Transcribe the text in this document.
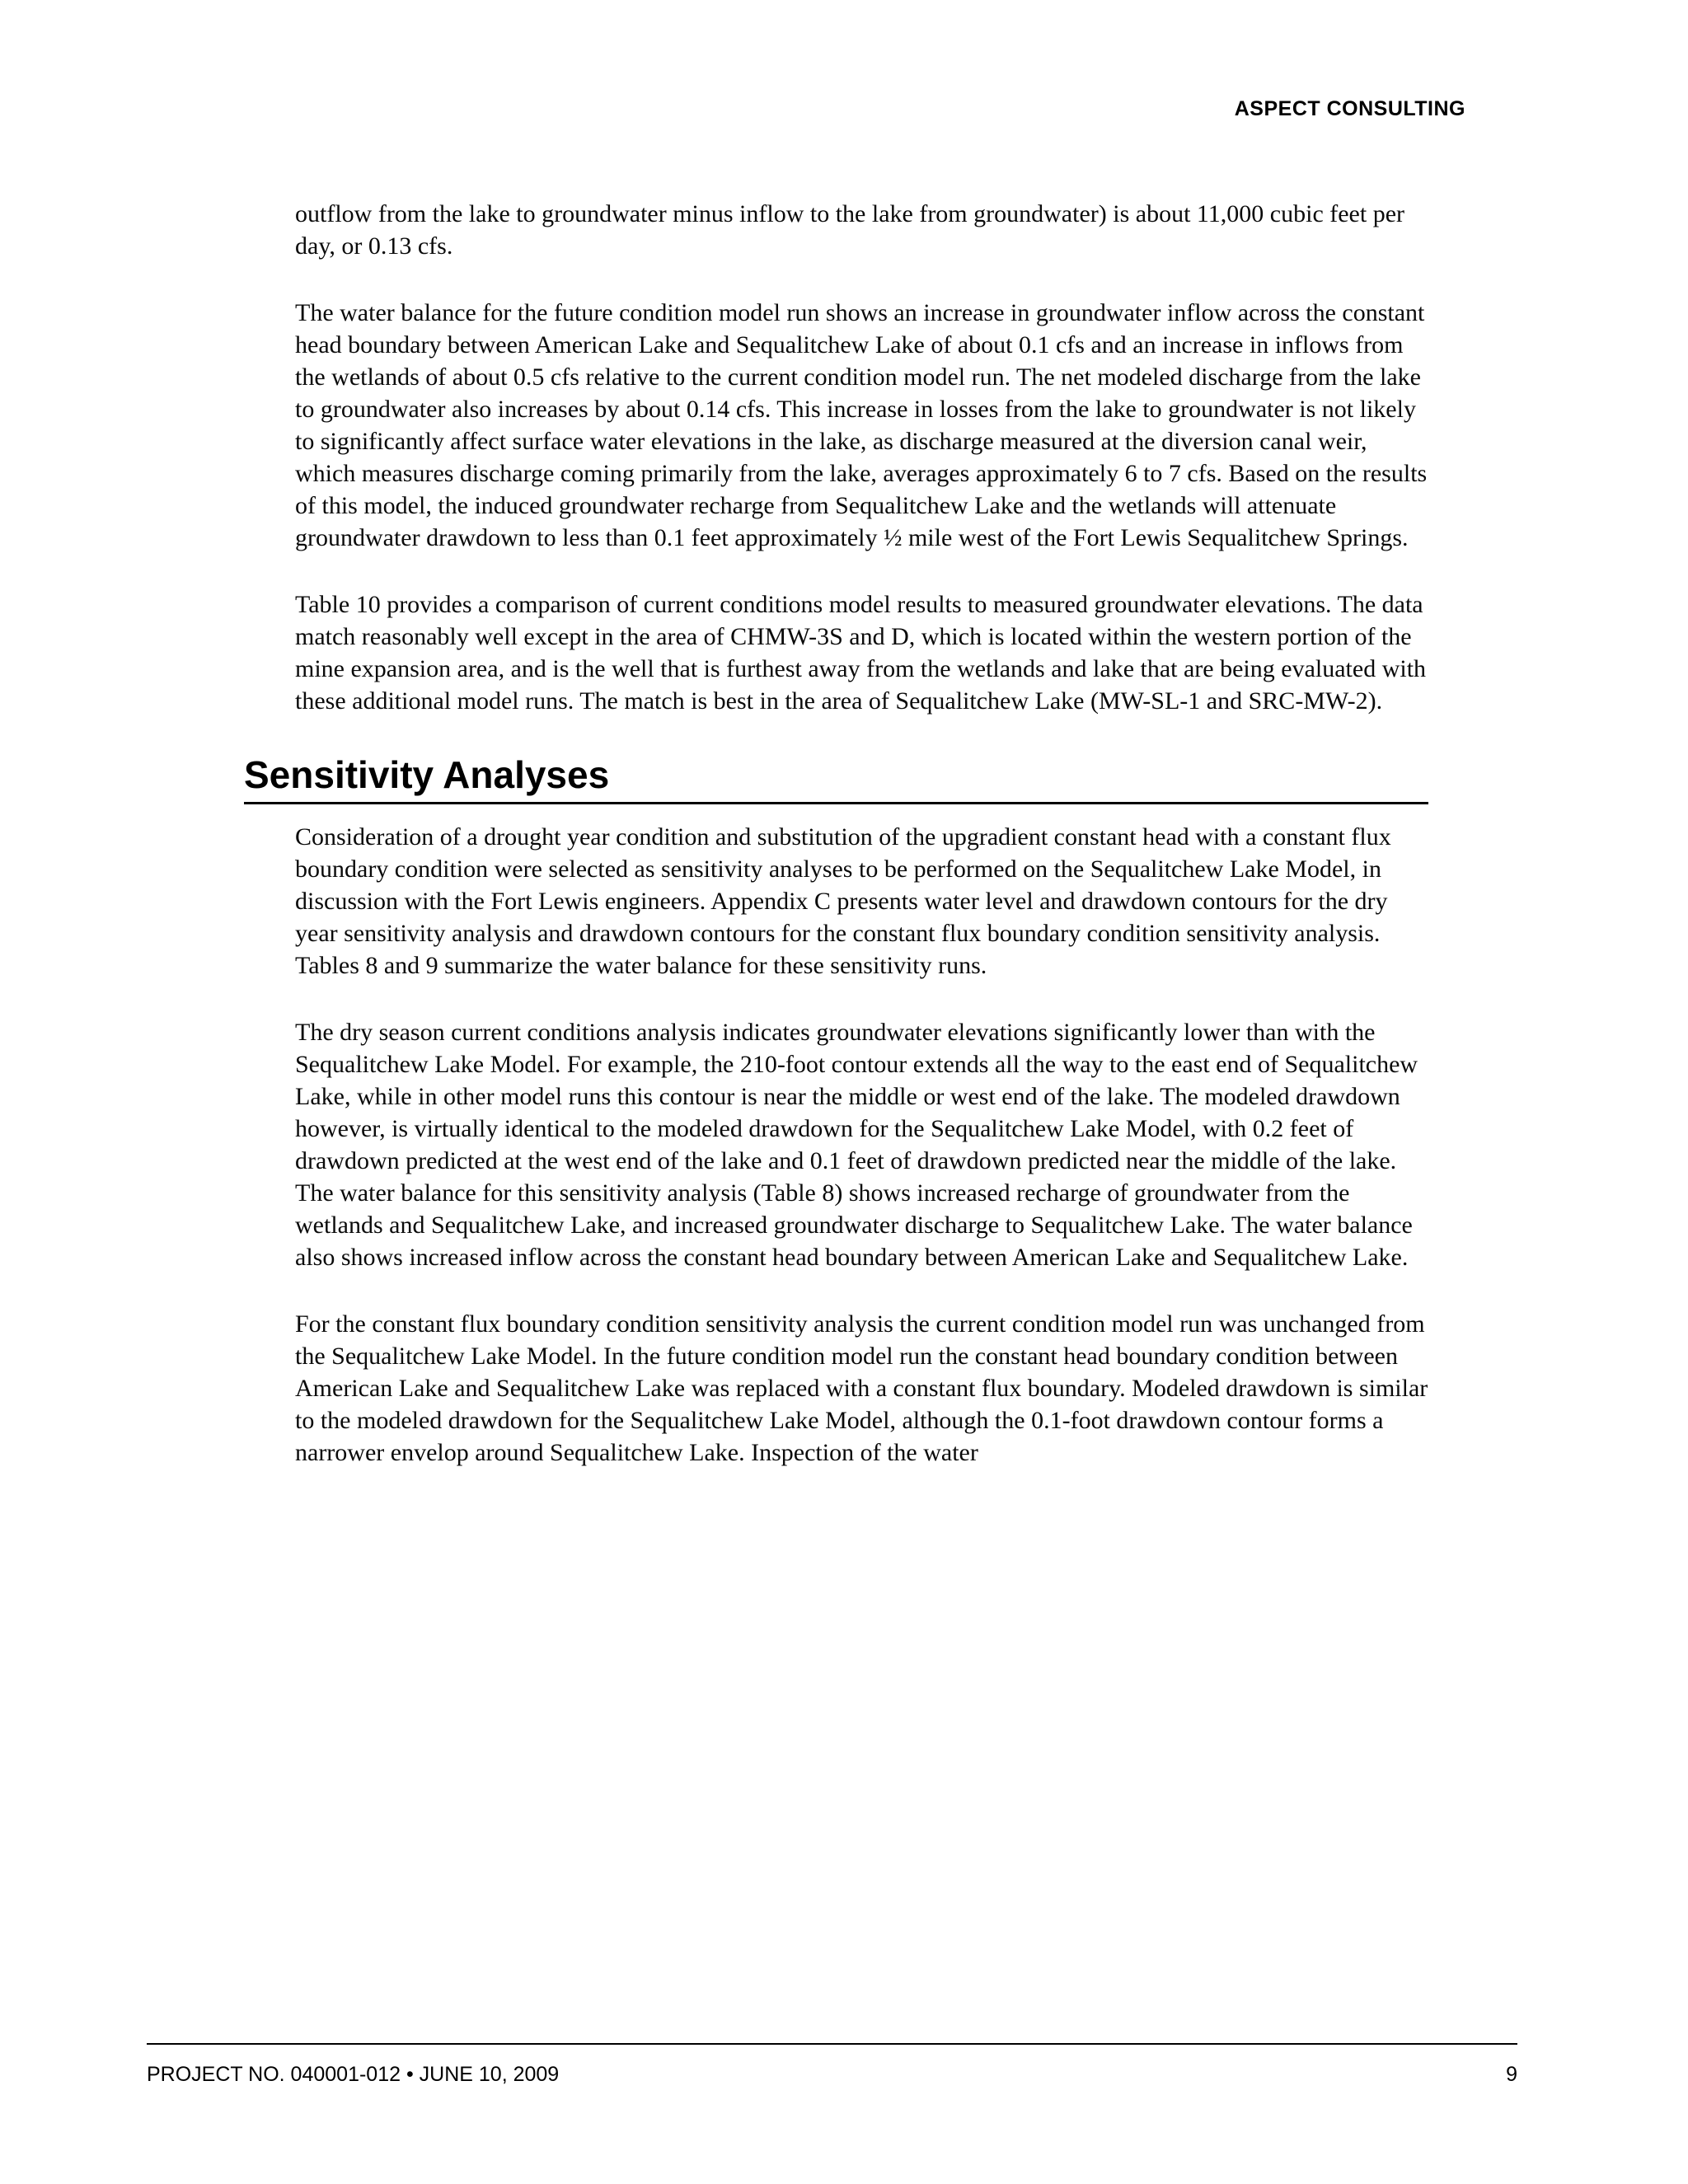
ASPECT CONSULTING

outflow from the lake to groundwater minus inflow to the lake from groundwater) is about 11,000 cubic feet per day, or 0.13 cfs.

The water balance for the future condition model run shows an increase in groundwater inflow across the constant head boundary between American Lake and Sequalitchew Lake of about 0.1 cfs and an increase in inflows from the wetlands of about 0.5 cfs relative to the current condition model run. The net modeled discharge from the lake to groundwater also increases by about 0.14 cfs. This increase in losses from the lake to groundwater is not likely to significantly affect surface water elevations in the lake, as discharge measured at the diversion canal weir, which measures discharge coming primarily from the lake, averages approximately 6 to 7 cfs. Based on the results of this model, the induced groundwater recharge from Sequalitchew Lake and the wetlands will attenuate groundwater drawdown to less than 0.1 feet approximately ½ mile west of the Fort Lewis Sequalitchew Springs.

Table 10 provides a comparison of current conditions model results to measured groundwater elevations. The data match reasonably well except in the area of CHMW-3S and D, which is located within the western portion of the mine expansion area, and is the well that is furthest away from the wetlands and lake that are being evaluated with these additional model runs. The match is best in the area of Sequalitchew Lake (MW-SL-1 and SRC-MW-2).

Sensitivity Analyses

Consideration of a drought year condition and substitution of the upgradient constant head with a constant flux boundary condition were selected as sensitivity analyses to be performed on the Sequalitchew Lake Model, in discussion with the Fort Lewis engineers. Appendix C presents water level and drawdown contours for the dry year sensitivity analysis and drawdown contours for the constant flux boundary condition sensitivity analysis. Tables 8 and 9 summarize the water balance for these sensitivity runs.

The dry season current conditions analysis indicates groundwater elevations significantly lower than with the Sequalitchew Lake Model. For example, the 210-foot contour extends all the way to the east end of Sequalitchew Lake, while in other model runs this contour is near the middle or west end of the lake. The modeled drawdown however, is virtually identical to the modeled drawdown for the Sequalitchew Lake Model, with 0.2 feet of drawdown predicted at the west end of the lake and 0.1 feet of drawdown predicted near the middle of the lake. The water balance for this sensitivity analysis (Table 8) shows increased recharge of groundwater from the wetlands and Sequalitchew Lake, and increased groundwater discharge to Sequalitchew Lake. The water balance also shows increased inflow across the constant head boundary between American Lake and Sequalitchew Lake.

For the constant flux boundary condition sensitivity analysis the current condition model run was unchanged from the Sequalitchew Lake Model. In the future condition model run the constant head boundary condition between American Lake and Sequalitchew Lake was replaced with a constant flux boundary. Modeled drawdown is similar to the modeled drawdown for the Sequalitchew Lake Model, although the 0.1-foot drawdown contour forms a narrower envelop around Sequalitchew Lake. Inspection of the water

PROJECT NO. 040001-012 • JUNE 10, 2009	9
